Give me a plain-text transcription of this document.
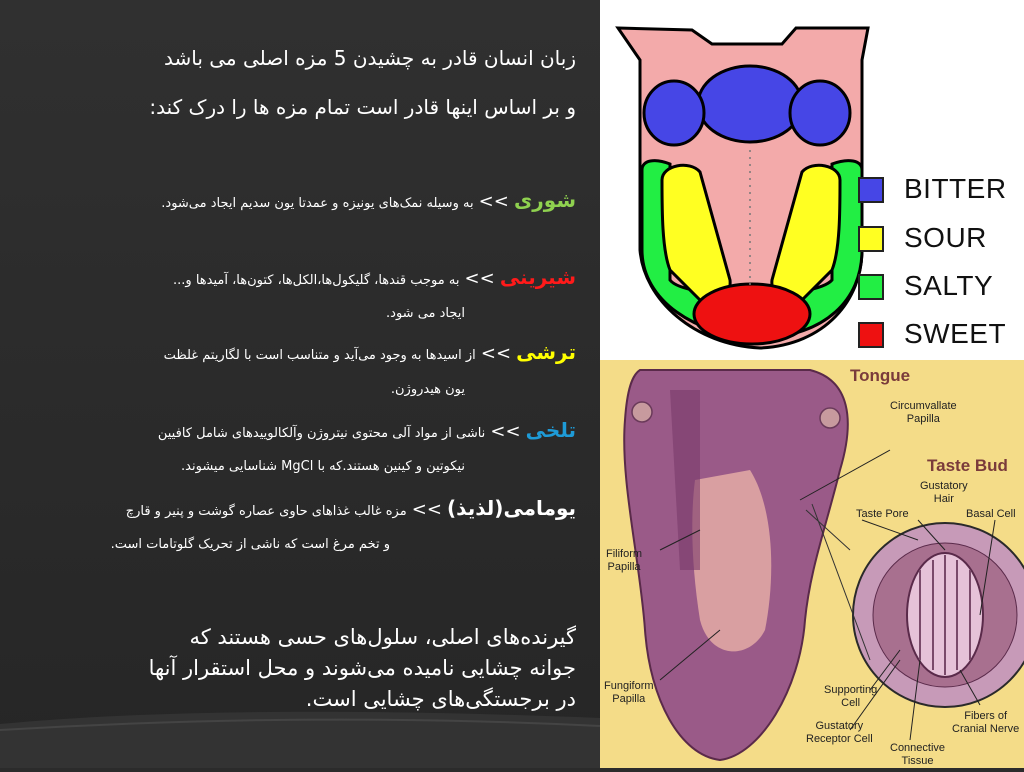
زبان انسان قادر به چشیدن 5 مزه اصلی می باشد
و بر اساس اینها قادر است تمام مزه ها را درک کند:
شوری >> به وسیله نمک‌های یونیزه و عمدتا یون سدیم ایجاد می‌شود.
شیرینی >> به موجب قندها، گلیکول‌ها،الکل‌ها، کتون‌ها، آمیدها و...
ایجاد می شود.
ترشی >> از اسیدها به وجود می‌آید و متناسب است با لگاریتم غلظت
یون هیدروژن.
تلخی >> ناشی از مواد آلی محتوی نیتروژن وآلکالوییدهای شامل کافیین
نیکوتین و کینین هستند.که با MgCl شناسایی میشوند.
یومامی(لذیذ) >> مزه غالب غذاهای حاوی عصاره گوشت و پنیر و قارچ
و تخم مرغ است که ناشی از تحریک گلوتامات است.
گیرنده‌های اصلی، سلول‌های حسی هستند که
جوانه چشایی نامیده می‌شوند و محل استقرار آنها
در برجستگی‌های چشایی است.
BITTER
SOUR
SALTY
SWEET
Tongue
Taste Bud
Circumvallate
Papilla
Gustatory
Hair
Taste Pore	Basal Cell
Filiform
Papilla
Fungiform
Papilla
Supporting
Cell
Gustatory
Receptor Cell
Connective
Tissue
Fibers of
Cranial Nerve
